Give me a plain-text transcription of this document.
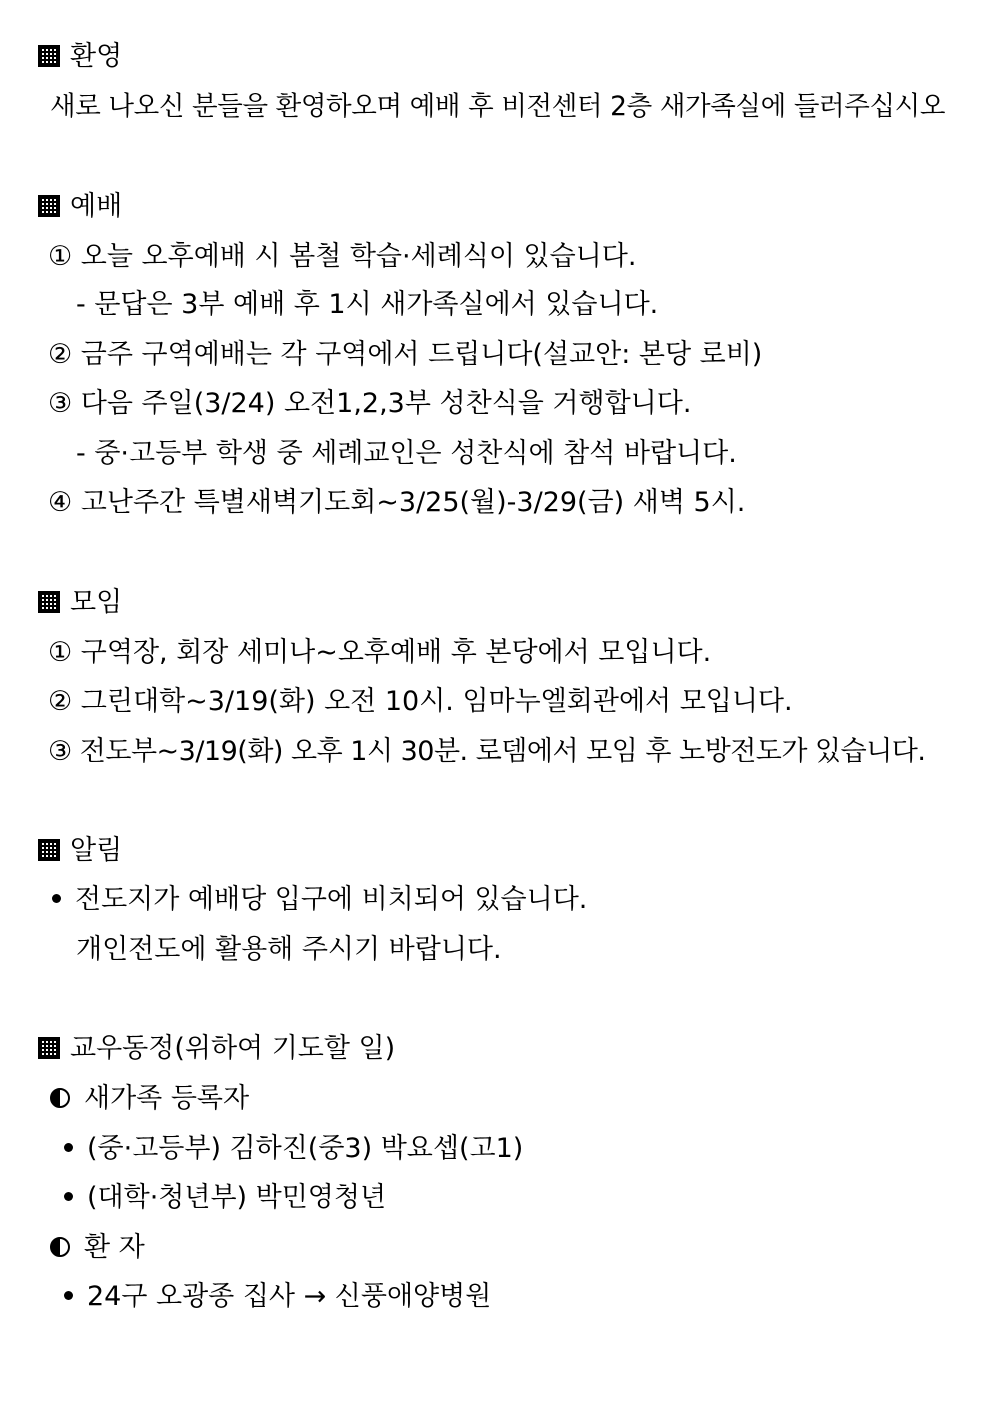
환영
새로 나오신 분들을 환영하오며 예배 후 비전센터 2층 새가족실에 들러주십시오
예배
① 오늘 오후예배 시 봄철 학습·세례식이 있습니다.
- 문답은 3부 예배 후 1시 새가족실에서 있습니다.
② 금주 구역예배는 각 구역에서 드립니다(설교안: 본당 로비)
③ 다음 주일(3/24) 오전1,2,3부 성찬식을 거행합니다.
- 중·고등부 학생 중 세례교인은 성찬식에 참석 바랍니다.
④ 고난주간 특별새벽기도회~3/25(월)-3/29(금) 새벽 5시.
모임
① 구역장, 회장 세미나~오후예배 후 본당에서 모입니다.
② 그린대학~3/19(화) 오전 10시. 임마누엘회관에서 모입니다.
③ 전도부~3/19(화) 오후 1시 30분. 로뎀에서 모임 후 노방전도가 있습니다.
알림
전도지가 예배당 입구에 비치되어 있습니다.
개인전도에 활용해 주시기 바랍니다.
교우동정(위하여 기도할 일)
새가족 등록자
(중·고등부) 김하진(중3) 박요셉(고1)
(대학·청년부) 박민영청년
환 자
24구 오광종 집사 → 신풍애양병원
